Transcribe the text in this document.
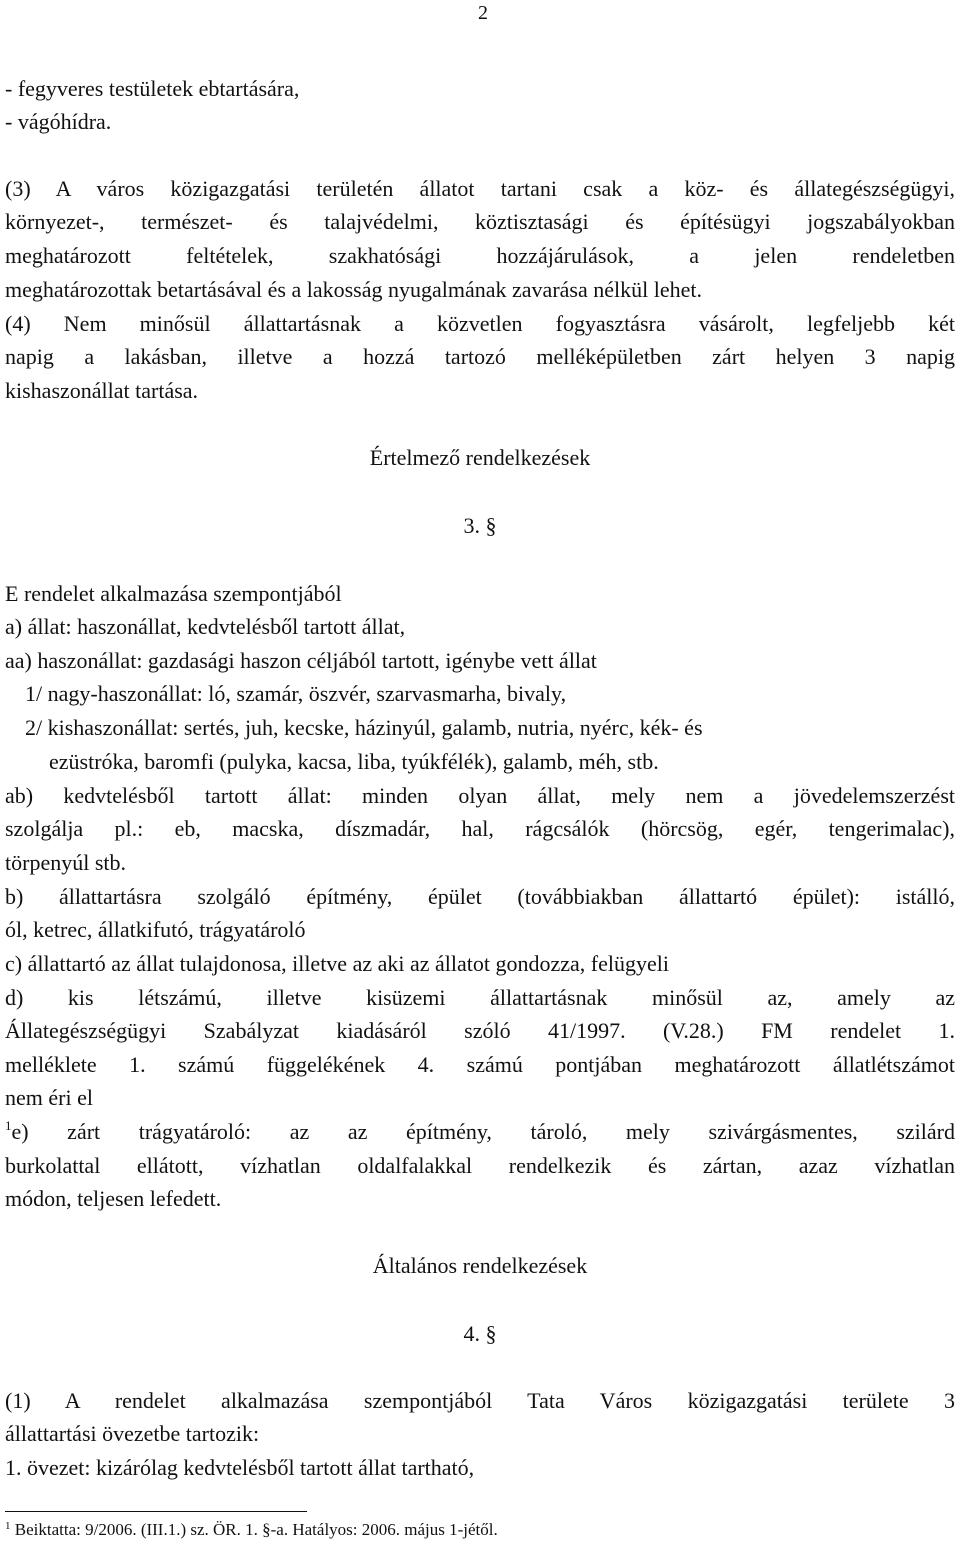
2
- fegyveres testületek ebtartására,
- vágóhídra.
(3) A város közigazgatási területén állatot tartani csak a köz- és állategészségügyi,
környezet-, természet- és talajvédelmi, köztisztasági és építésügyi jogszabályokban
meghatározott feltételek, szakhatósági hozzájárulások, a jelen rendeletben
meghatározottak betartásával és a lakosság nyugalmának zavarása nélkül lehet.
(4) Nem minősül állattartásnak a közvetlen fogyasztásra vásárolt, legfeljebb két
napig a lakásban, illetve a hozzá tartozó melléképületben zárt helyen 3 napig
kishaszonállat tartása.
Értelmező rendelkezések
3. §
E rendelet alkalmazása szempontjából
a) állat: haszonállat, kedvtelésből tartott állat,
aa) haszonállat: gazdasági haszon céljából tartott, igénybe vett állat
1/ nagy-haszonállat: ló, szamár, öszvér, szarvasmarha, bivaly,
2/ kishaszonállat: sertés, juh, kecske, házinyúl, galamb, nutria, nyérc, kék- és
ezüstróka, baromfi (pulyka, kacsa, liba, tyúkfélék), galamb, méh, stb.
ab) kedvtelésből tartott állat: minden olyan állat, mely nem a jövedelemszerzést
szolgálja pl.: eb, macska, díszmadár, hal, rágcsálók (hörcsög, egér, tengerimalac),
törpenyúl stb.
b) állattartásra szolgáló építmény, épület (továbbiakban állattartó épület): istálló,
ól, ketrec, állatkifutó, trágyatároló
c) állattartó az állat tulajdonosa, illetve az aki az állatot gondozza, felügyeli
d) kis létszámú, illetve kisüzemi állattartásnak minősül az, amely az
Állategészségügyi Szabályzat kiadásáról szóló 41/1997. (V.28.) FM rendelet 1.
melléklete 1. számú függelékének 4. számú pontjában meghatározott állatlétszámot
nem éri el
$^1$e) zárt trágyatároló: az az építmény, tároló, mely szivárgásmentes, szilárd
burkolattal ellátott, vízhatlan oldalfalakkal rendelkezik és zártan, azaz vízhatlan
módon, teljesen lefedett.
Általános rendelkezések
4. §
(1) A rendelet alkalmazása szempontjából Tata Város közigazgatási területe 3
állattartási övezetbe tartozik:
1. övezet: kizárólag kedvtelésből tartott állat tartható,
$^1$ Beiktatta: 9/2006. (III.1.) sz. ÖR. 1. §-a. Hatályos: 2006. május 1-jétől.
